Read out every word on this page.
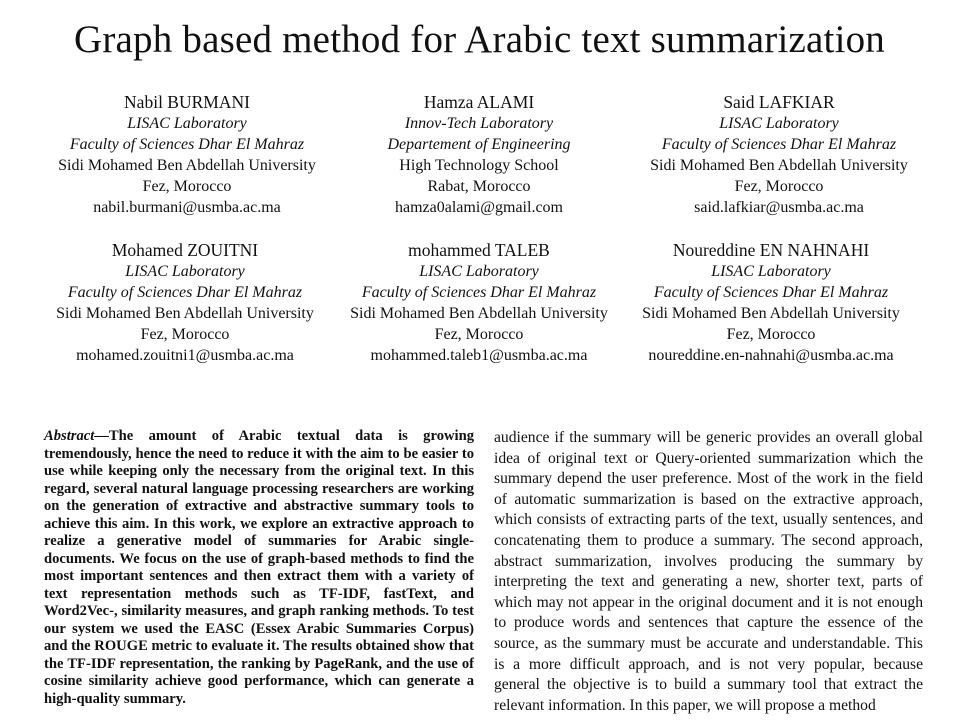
Graph based method for Arabic text summarization
Nabil BURMANI
LISAC Laboratory
Faculty of Sciences Dhar El Mahraz
Sidi Mohamed Ben Abdellah University
Fez, Morocco
nabil.burmani@usmba.ac.ma
Hamza ALAMI
Innov-Tech Laboratory
Departement of Engineering
High Technology School
Rabat, Morocco
hamza0alami@gmail.com
Said LAFKIAR
LISAC Laboratory
Faculty of Sciences Dhar El Mahraz
Sidi Mohamed Ben Abdellah University
Fez, Morocco
said.lafkiar@usmba.ac.ma
Mohamed ZOUITNI
LISAC Laboratory
Faculty of Sciences Dhar El Mahraz
Sidi Mohamed Ben Abdellah University
Fez, Morocco
mohamed.zouitni1@usmba.ac.ma
mohammed TALEB
LISAC Laboratory
Faculty of Sciences Dhar El Mahraz
Sidi Mohamed Ben Abdellah University
Fez, Morocco
mohammed.taleb1@usmba.ac.ma
Noureddine EN NAHNAHI
LISAC Laboratory
Faculty of Sciences Dhar El Mahraz
Sidi Mohamed Ben Abdellah University
Fez, Morocco
noureddine.en-nahnahi@usmba.ac.ma
Abstract—The amount of Arabic textual data is growing tremendously, hence the need to reduce it with the aim to be easier to use while keeping only the necessary from the original text. In this regard, several natural language processing researchers are working on the generation of extractive and abstractive summary tools to achieve this aim. In this work, we explore an extractive approach to realize a generative model of summaries for Arabic single-documents. We focus on the use of graph-based methods to find the most important sentences and then extract them with a variety of text representation methods such as TF-IDF, fastText, and Word2Vec-, similarity measures, and graph ranking methods. To test our system we used the EASC (Essex Arabic Summaries Corpus) and the ROUGE metric to evaluate it. The results obtained show that the TF-IDF representation, the ranking by PageRank, and the use of cosine similarity achieve good performance, which can generate a high-quality summary.
audience if the summary will be generic provides an overall global idea of original text or Query-oriented summarization which the summary depend the user preference. Most of the work in the field of automatic summarization is based on the extractive approach, which consists of extracting parts of the text, usually sentences, and concatenating them to produce a summary. The second approach, abstract summarization, involves producing the summary by interpreting the text and generating a new, shorter text, parts of which may not appear in the original document and it is not enough to produce words and sentences that capture the essence of the source, as the summary must be accurate and understandable. This is a more difficult approach, and is not very popular, because general the objective is to build a summary tool that extract the relevant information. In this paper, we will propose a method
